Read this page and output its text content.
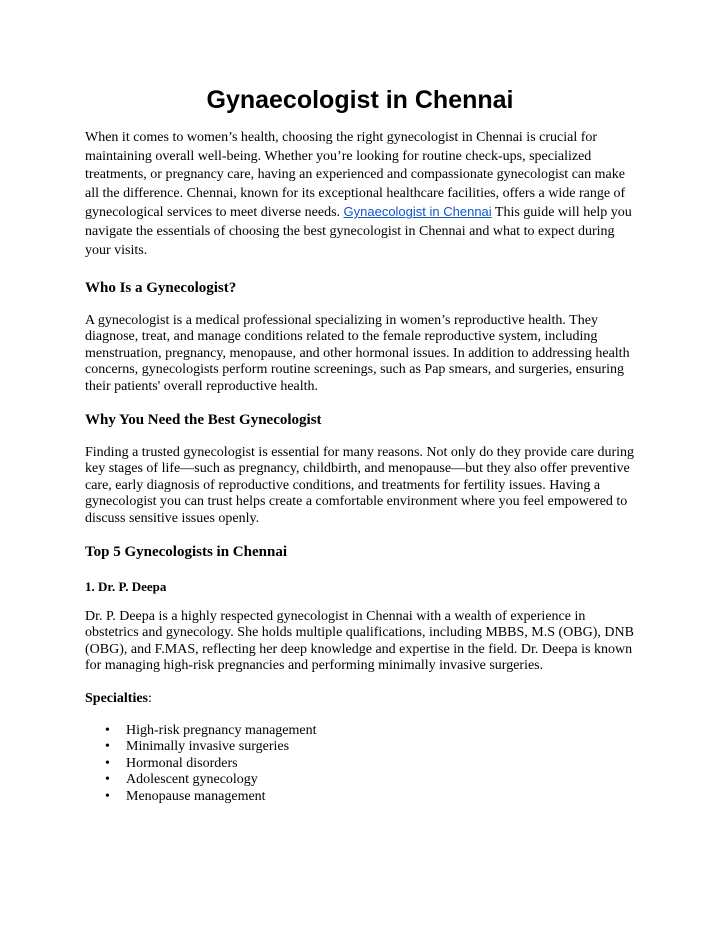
Gynaecologist in Chennai

When it comes to women’s health, choosing the right gynecologist in Chennai is crucial for maintaining overall well-being. Whether you’re looking for routine check-ups, specialized treatments, or pregnancy care, having an experienced and compassionate gynecologist can make all the difference. Chennai, known for its exceptional healthcare facilities, offers a wide range of gynecological services to meet diverse needs. Gynaecologist in Chennai This guide will help you navigate the essentials of choosing the best gynecologist in Chennai and what to expect during your visits.

Who Is a Gynecologist?

A gynecologist is a medical professional specializing in women’s reproductive health. They diagnose, treat, and manage conditions related to the female reproductive system, including menstruation, pregnancy, menopause, and other hormonal issues. In addition to addressing health concerns, gynecologists perform routine screenings, such as Pap smears, and surgeries, ensuring their patients' overall reproductive health.

Why You Need the Best Gynecologist

Finding a trusted gynecologist is essential for many reasons. Not only do they provide care during key stages of life—such as pregnancy, childbirth, and menopause—but they also offer preventive care, early diagnosis of reproductive conditions, and treatments for fertility issues. Having a gynecologist you can trust helps create a comfortable environment where you feel empowered to discuss sensitive issues openly.

Top 5 Gynecologists in Chennai
1. Dr. P. Deepa

Dr. P. Deepa is a highly respected gynecologist in Chennai with a wealth of experience in obstetrics and gynecology. She holds multiple qualifications, including MBBS, M.S (OBG), DNB (OBG), and F.MAS, reflecting her deep knowledge and expertise in the field. Dr. Deepa is known for managing high-risk pregnancies and performing minimally invasive surgeries.

Specialties:

• High-risk pregnancy management
• Minimally invasive surgeries
• Hormonal disorders
• Adolescent gynecology
• Menopause management
